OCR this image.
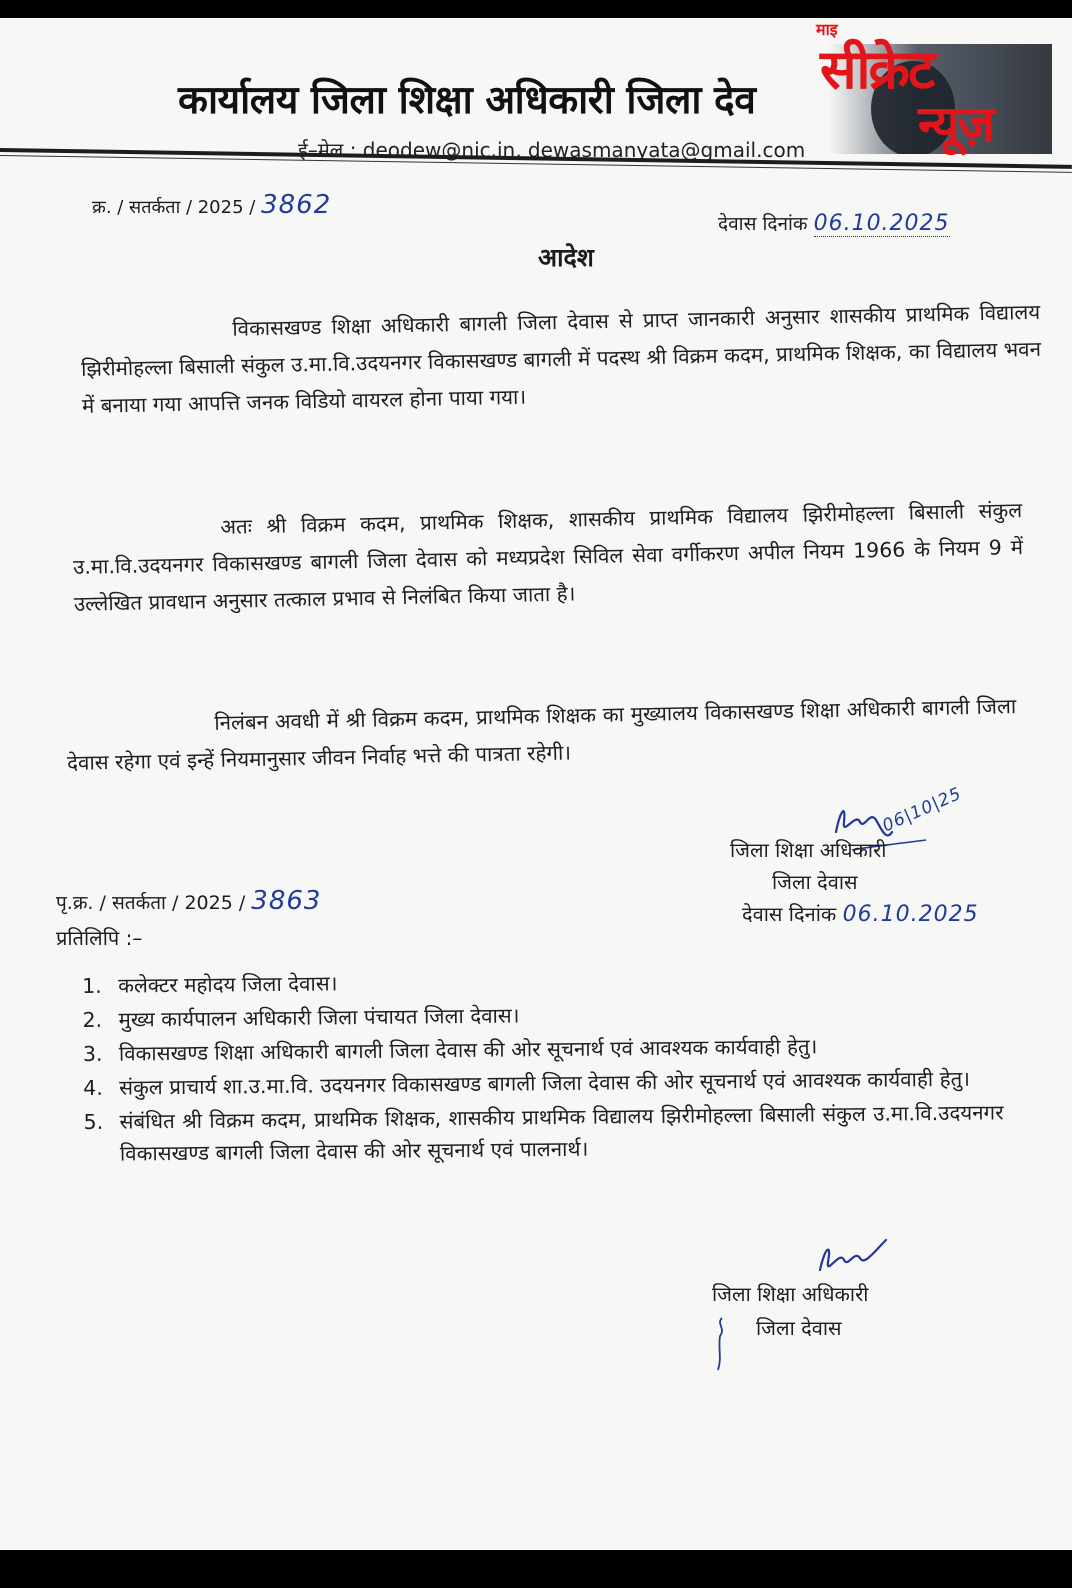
कार्यालय जिला शिक्षा अधिकारी जिला देव
ई–मेल : deodew@nic.in, dewasmanyata@gmail.com
माइ
सीक्रेट
न्यूज़
क्र. / सतर्कता / 2025 / 3862
देवास दिनांक 06.10.2025
आदेश
विकासखण्ड शिक्षा अधिकारी बागली जिला देवास से प्राप्त जानकारी अनुसार शासकीय प्राथमिक विद्यालय झिरीमोहल्ला बिसाली संकुल उ.मा.वि.उदयनगर विकासखण्ड बागली में पदस्थ श्री विक्रम कदम, प्राथमिक शिक्षक, का विद्यालय भवन में बनाया गया आपत्ति जनक विडियो वायरल होना पाया गया।
अतः श्री विक्रम कदम, प्राथमिक शिक्षक, शासकीय प्राथमिक विद्यालय झिरीमोहल्ला बिसाली संकुल उ.मा.वि.उदयनगर विकासखण्ड बागली जिला देवास को मध्यप्रदेश सिविल सेवा वर्गीकरण अपील नियम 1966 के नियम 9 में उल्लेखित प्रावधान अनुसार तत्काल प्रभाव से निलंबित किया जाता है।
निलंबन अवधी में श्री विक्रम कदम, प्राथमिक शिक्षक का मुख्यालय विकासखण्ड शिक्षा अधिकारी बागली जिला देवास रहेगा एवं इन्हें नियमानुसार जीवन निर्वाह भत्ते की पात्रता रहेगी।
06|10|25
जिला शिक्षा अधिकारी
जिला देवास
पृ.क्र. / सतर्कता / 2025 / 3863	देवास दिनांक 06.10.2025
प्रतिलिपि :–
1. कलेक्टर महोदय जिला देवास।
2. मुख्य कार्यपालन अधिकारी जिला पंचायत जिला देवास।
3. विकासखण्ड शिक्षा अधिकारी बागली जिला देवास की ओर सूचनार्थ एवं आवश्यक कार्यवाही हेतु।
4. संकुल प्राचार्य शा.उ.मा.वि. उदयनगर विकासखण्ड बागली जिला देवास की ओर सूचनार्थ एवं आवश्यक कार्यवाही हेतु।
5. संबंधित श्री विक्रम कदम, प्राथमिक शिक्षक, शासकीय प्राथमिक विद्यालय झिरीमोहल्ला बिसाली संकुल उ.मा.वि.उदयनगर विकासखण्ड बागली जिला देवास की ओर सूचनार्थ एवं पालनार्थ।
जिला शिक्षा अधिकारी
जिला देवास
